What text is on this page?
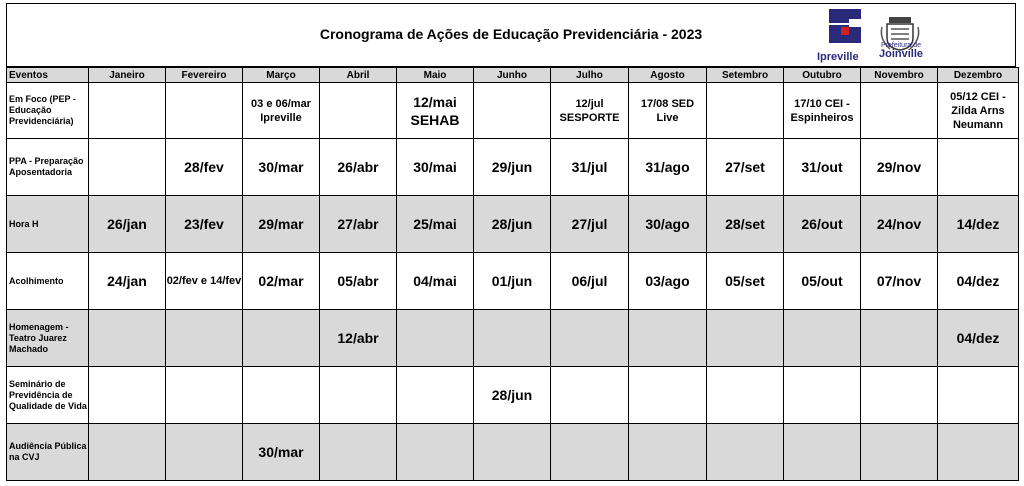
Cronograma de Ações de Educação Previdenciária - 2023
Ipreville
Prefeitura de
Joinville
Eventos	Janeiro	Fevereiro	Março	Abril	Maio	Junho	Julho	Agosto	Setembro	Outubro	Novembro	Dezembro
Em Foco (PEP - Educação Previdenciária)			03 e 06/mar Ipreville		12/mai SEHAB		12/jul SESPORTE	17/08 SED Live		17/10 CEI - Espinheiros		05/12 CEI - Zilda Arns Neumann
PPA - Preparação Aposentadoria		28/fev	30/mar	26/abr	30/mai	29/jun	31/jul	31/ago	27/set	31/out	29/nov	
Hora H	26/jan	23/fev	29/mar	27/abr	25/mai	28/jun	27/jul	30/ago	28/set	26/out	24/nov	14/dez
Acolhimento	24/jan	02/fev e 14/fev	02/mar	05/abr	04/mai	01/jun	06/jul	03/ago	05/set	05/out	07/nov	04/dez
Homenagem - Teatro Juarez Machado				12/abr								04/dez
Seminário de Previdência de Qualidade de Vida						28/jun						
Audiência Pública na CVJ			30/mar									
